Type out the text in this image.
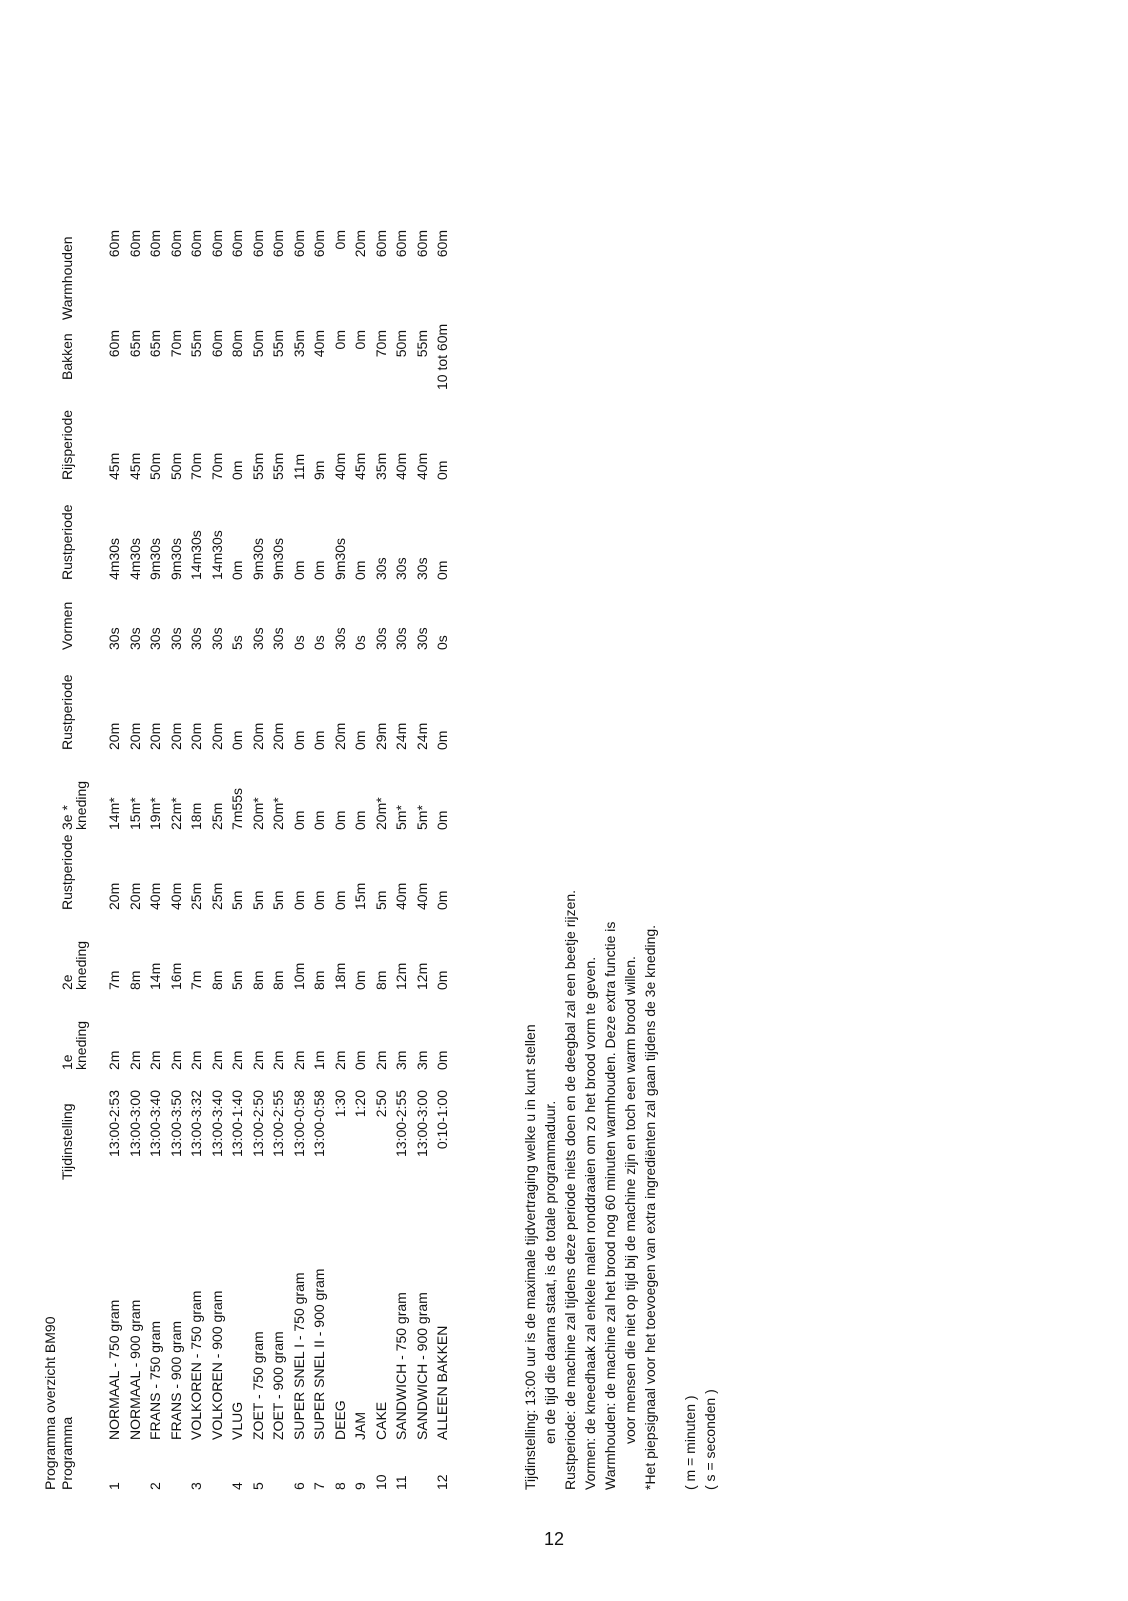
Programma overzicht BM90 Programma
Tijdinstelling
1e
kneding
2e
kneding
Rustperiode
3e *
kneding
Rustperiode
Vormen
Rustperiode
Rijsperiode
Bakken
Warmhouden
1
NORMAAL - 750 gram
13:00-2:53
2m
7m
20m
14m*
20m
30s
4m30s
45m
60m
60m
NORMAAL - 900 gram
13:00-3:00
2m
8m
20m
15m*
20m
30s
4m30s
45m
65m
60m
2
FRANS - 750 gram
13:00-3:40
2m
14m
40m
19m*
20m
30s
9m30s
50m
65m
60m
FRANS - 900 gram
13:00-3:50
2m
16m
40m
22m*
20m
30s
9m30s
50m
70m
60m
3
VOLKOREN - 750 gram
13:00-3:32
2m
7m
25m
18m
20m
30s
14m30s
70m
55m
60m
VOLKOREN - 900 gram
13:00-3:40
2m
8m
25m
25m
20m
30s
14m30s
70m
60m
60m
4
VLUG
13:00-1:40
2m
5m
5m
7m55s
0m
5s
0m
0m
80m
60m
5
ZOET - 750 gram
13:00-2:50
2m
8m
5m
20m*
20m
30s
9m30s
55m
50m
60m
ZOET - 900 gram
13:00-2:55
2m
8m
5m
20m*
20m
30s
9m30s
55m
55m
60m
6
SUPER SNEL I - 750 gram
13:00-0:58
2m
10m
0m
0m
0m
0s
0m
11m
35m
60m
7
SUPER SNEL II - 900 gram
13:00-0:58
1m
8m
0m
0m
0m
0s
0m
9m
40m
60m
8
DEEG
1:30
2m
18m
0m
0m
20m
30s
9m30s
40m
0m
0m
9
JAM
1:20
0m
0m
15m
0m
0m
0s
0m
45m
0m
20m
10
CAKE
2:50
2m
8m
5m
20m*
29m
30s
30s
35m
70m
60m
11
SANDWICH - 750 gram
13:00-2:55
3m
12m
40m
5m*
24m
30s
30s
40m
50m
60m
SANDWICH - 900 gram
13:00-3:00
3m
12m
40m
5m*
24m
30s
30s
40m
55m
60m
12
ALLEEN BAKKEN
0:10-1:00
0m
0m
0m
0m
0m
0s
0m
0m
10 tot 60m
60m
Tijdinstelling: 13:00 uur is de maximale tijdvertraging welke u in kunt stellen en de tijd die daarna staat, is de totale programmaduur. Rustperiode: de machine zal tijdens deze periode niets doen en de deegbal zal een beetje rijzen. Vormen: de kneedhaak zal enkele malen ronddraaien om zo het brood vorm te geven. Warmhouden: de machine zal het brood nog 60 minuten warmhouden. Deze extra functie is voor mensen die niet op tijd bij de machine zijn en toch een warm brood willen. *Het piepsignaal voor het toevoegen van extra ingrediënten zal gaan tijdens de 3e kneding. ( m = minuten ) ( s = seconden )
12
